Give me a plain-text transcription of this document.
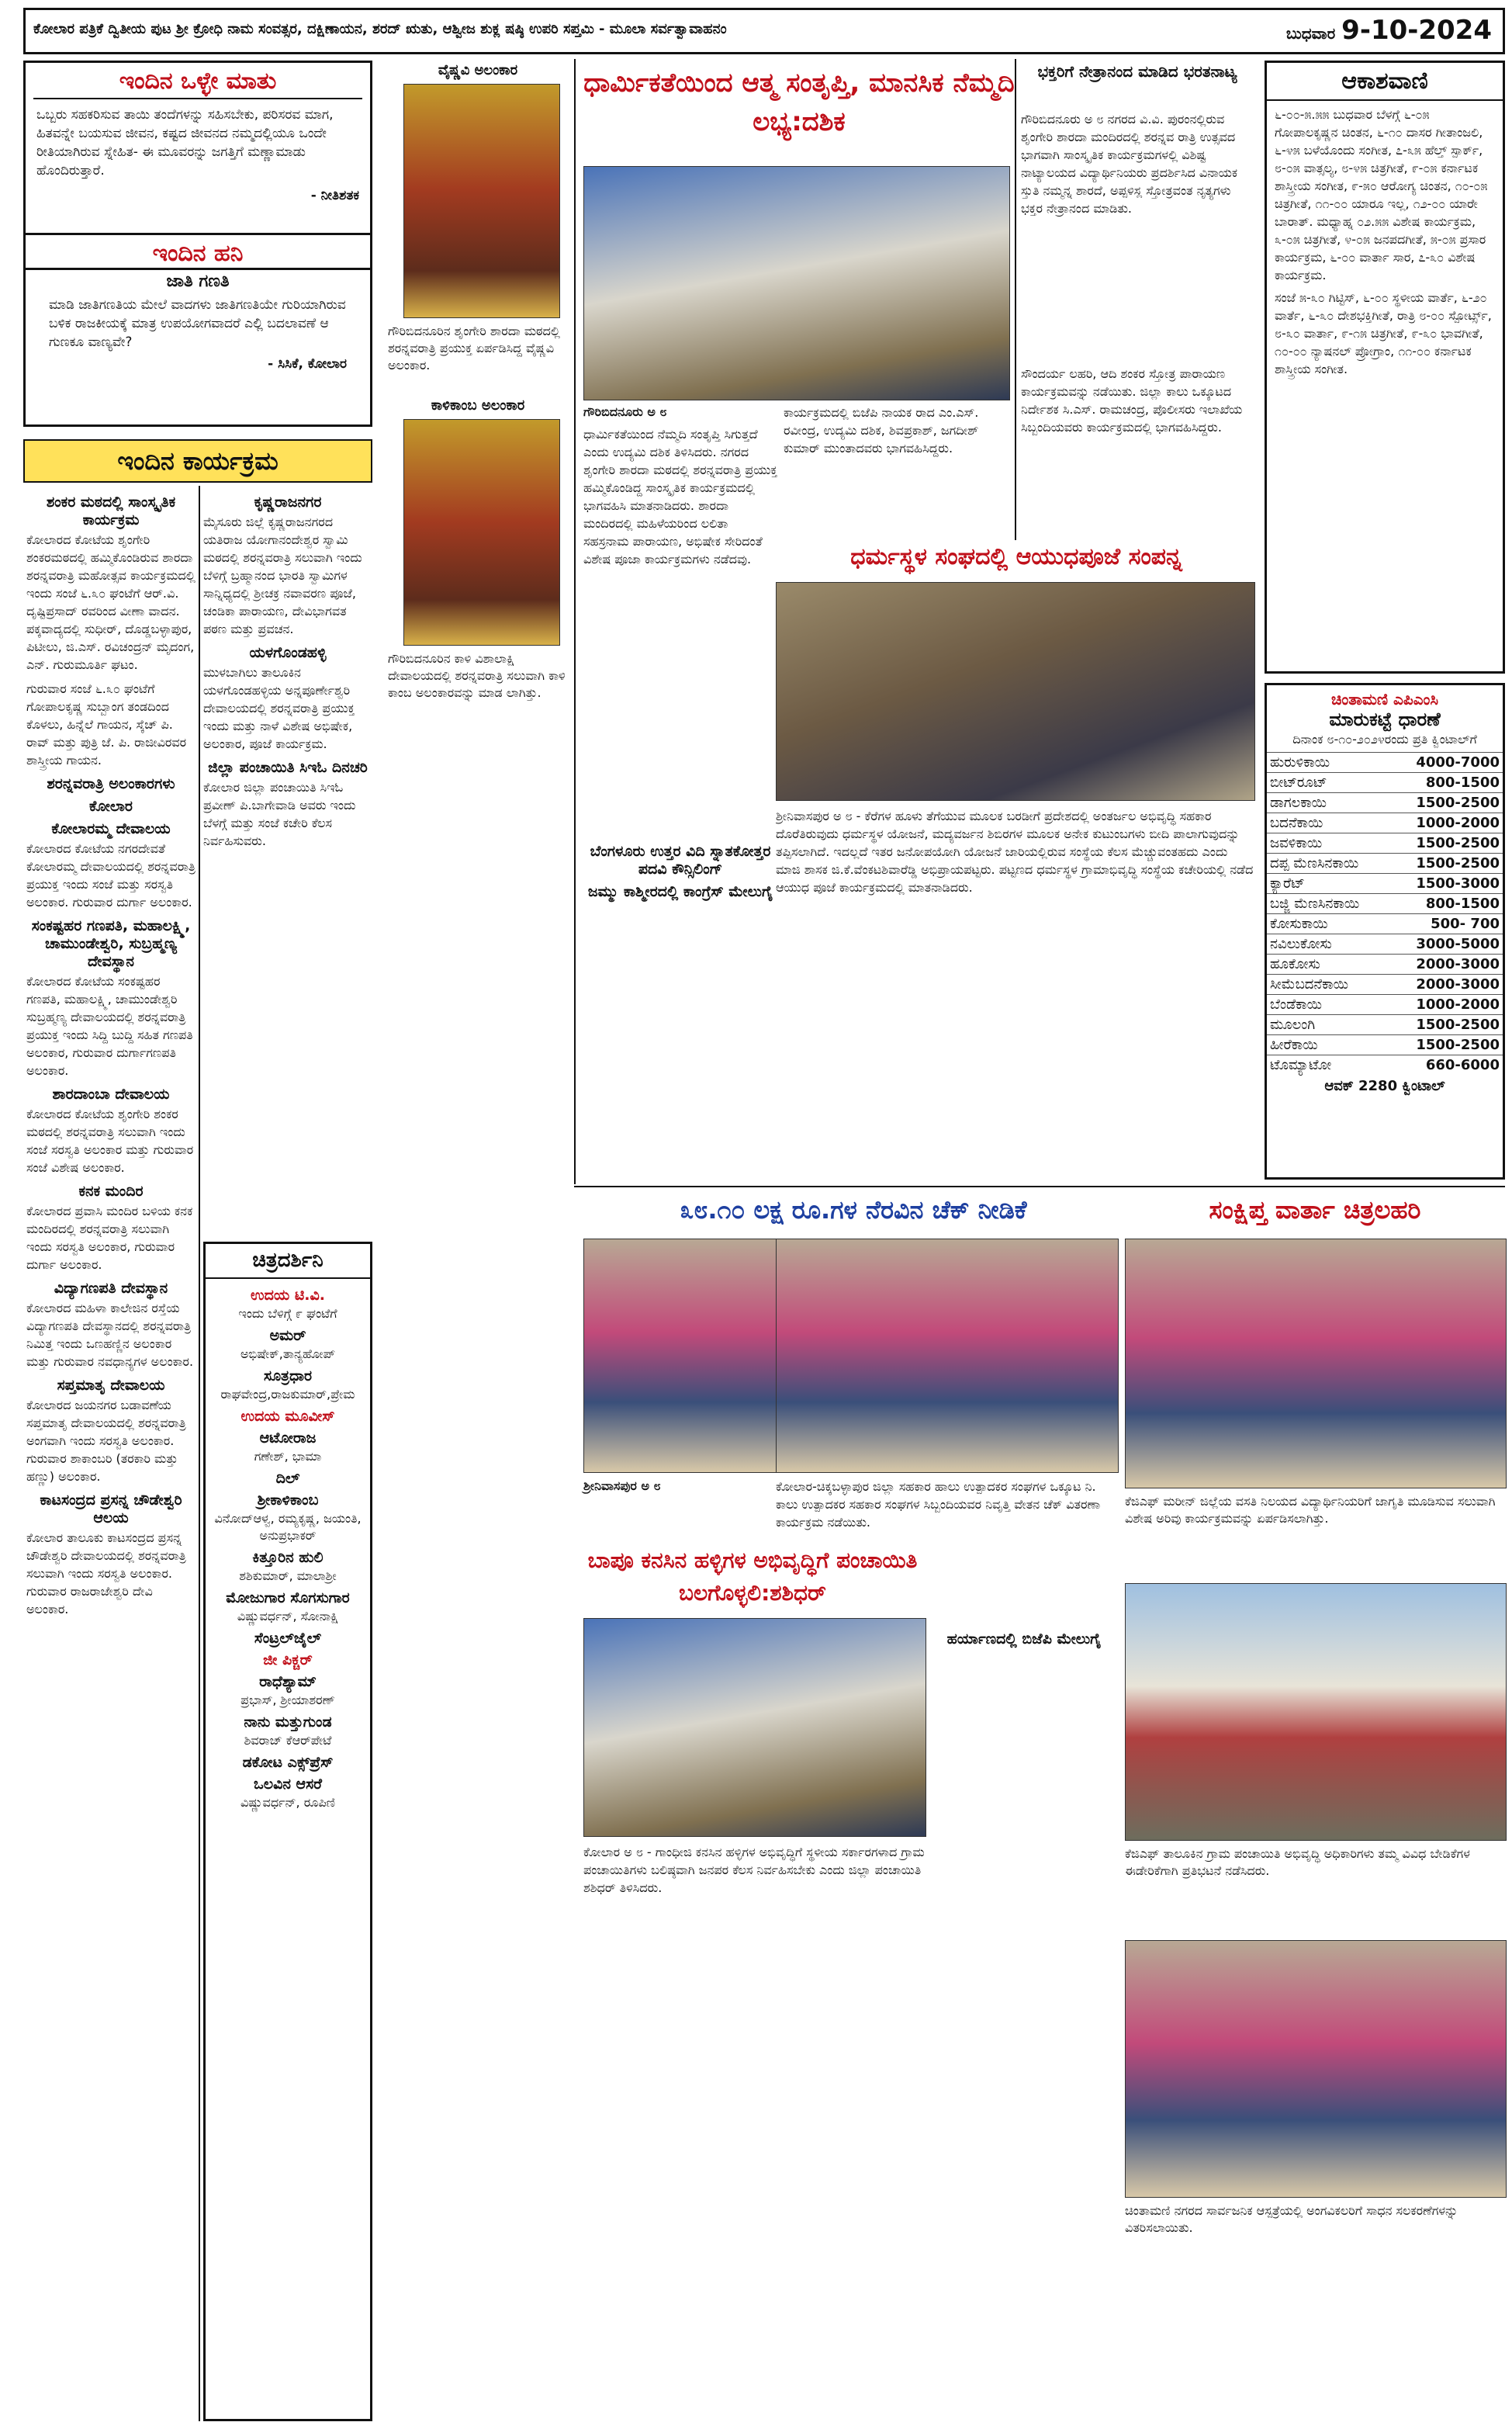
ಕೋಲಾರ ಪತ್ರಿಕೆ ದ್ವಿತೀಯ ಪುಟ ಶ್ರೀ ಕ್ರೋಧಿ ನಾಮ ಸಂವತ್ಸರ, ದಕ್ಷಿಣಾಯನ, ಶರದ್ ಋತು, ಆಶ್ವೀಜ ಶುಕ್ಲ ಷಷ್ಠಿ ಉಪರಿ ಸಪ್ತಮಿ - ಮೂಲಾ ಸರ್ವತ್ವಾವಾಹನಂ	ಬುಧವಾರ 9-10-2024
ಇಂದಿನ ಒಳ್ಳೇ ಮಾತು
ಒಬ್ಬರು ಸಹಕರಿಸುವ ತಾಯಿ ತಂದೆಗಳನ್ನು ಸಹಿಸಬೇಕು, ಪರಿಸರವ ಮಾಗ, ಹಿತವನ್ನೇ ಬಯಸುವ ಜೀವನ, ಕಷ್ಟದ ಜೀವನದ ನಮ್ಮದಲ್ಲಿಯೂ ಒಂದೇ ರೀತಿಯಾಗಿರುವ ಸ್ನೇಹಿತ- ಈ ಮೂವರನ್ನು ಜಗತ್ತಿಗೆ ಮಣ್ಣಾಮಾಡು ಹೊಂದಿರುತ್ತಾರೆ.
- ನೀತಿಶತಕ
ಇಂದಿನ ಹನಿ
ಜಾತಿ ಗಣತಿ
ಮಾಡಿ ಜಾತಿಗಣತಿಯ ಮೇಲೆ ವಾದಗಳು ಜಾತಿಗಣತಿಯೇ ಗುರಿಯಾಗಿರುವ ಬಳಿಕ ರಾಜಕೀಯಕ್ಕೆ ಮಾತ್ರ ಉಪಯೋಗವಾದರೆ ಎಲ್ಲಿ ಬದಲಾವಣೆ ಆ ಗುಣಕೂ ವಾಣ್ಯವೇ?
- ಸಿಸಿಕೆ, ಕೋಲಾರ
ಇಂದಿನ ಕಾರ್ಯಕ್ರಮ
ಶಂಕರ ಮಠದಲ್ಲಿ ಸಾಂಸ್ಕೃತಿಕ ಕಾರ್ಯಕ್ರಮ

ಕೋಲಾರದ ಕೋಟೆಯ ಶೃಂಗೇರಿ ಶಂಕರಮಠದಲ್ಲಿ ಹಮ್ಮಿಕೊಂಡಿರುವ ಶಾರದಾ ಶರನ್ನವರಾತ್ರಿ ಮಹೋತ್ಸವ ಕಾರ್ಯಕ್ರಮದಲ್ಲಿ ಇಂದು ಸಂಜೆ ೬.೩೦ ಘಂಟೆಗೆ ಆರ್.ವಿ. ದೃಷ್ಟಿಪ್ರಸಾದ್ ರವರಿಂದ ವೀಣಾ ವಾದನ. ಪಕ್ಕವಾದ್ಯದಲ್ಲಿ ಸುಧೀರ್, ದೊಡ್ಡಬಳ್ಳಾಪುರ, ಪಿಟೀಲು, ಜಿ.ಎಸ್. ರವಿಚಂದ್ರನ್ ಮೃದಂಗ, ಎನ್. ಗುರುಮೂರ್ತಿ ಘಟಂ.

ಗುರುವಾರ ಸಂಜೆ ೬.೩೦ ಘಂಟೆಗೆ ಗೋಪಾಲಕೃಷ್ಣ ಸುಬ್ಬಾಂಗ ತಂಡದಿಂದ ಕೊಳಲು, ಹಿನ್ನೆಲೆ ಗಾಯನ, ಸ್ಕೆಚ್ ಪಿ. ರಾವ್ ಮತ್ತು ಪುತ್ರಿ ಜೆ. ಪಿ. ರಾಜೀವಿರವರ ಶಾಸ್ತ್ರೀಯ ಗಾಯನ.

ಶರನ್ನವರಾತ್ರಿ ಅಲಂಕಾರಗಳು
ಕೋಲಾರ
ಕೋಲಾರಮ್ಮ ದೇವಾಲಯ

ಕೋಲಾರದ ಕೋಟೆಯ ನಗರದೇವತೆ ಕೋಲಾರಮ್ಮ ದೇವಾಲಯದಲ್ಲಿ ಶರನ್ನವರಾತ್ರಿ ಪ್ರಯುಕ್ತ ಇಂದು ಸಂಜೆ ಮತ್ತು ಸರಸ್ವತಿ ಅಲಂಕಾರ. ಗುರುವಾರ ದುರ್ಗಾ ಅಲಂಕಾರ.

ಸಂಕಷ್ಟಹರ ಗಣಪತಿ, ಮಹಾಲಕ್ಷ್ಮಿ, ಚಾಮುಂಡೇಶ್ವರಿ, ಸುಬ್ರಹ್ಮಣ್ಯ ದೇವಸ್ಥಾನ

ಕೋಲಾರದ ಕೋಟೆಯ ಸಂಕಷ್ಟಹರ ಗಣಪತಿ, ಮಹಾಲಕ್ಷ್ಮಿ, ಚಾಮುಂಡೇಶ್ವರಿ ಸುಬ್ರಹ್ಮಣ್ಯ ದೇವಾಲಯದಲ್ಲಿ ಶರನ್ನವರಾತ್ರಿ ಪ್ರಯುಕ್ತ ಇಂದು ಸಿದ್ದಿ ಬುದ್ದಿ ಸಹಿತ ಗಣಪತಿ ಅಲಂಕಾರ, ಗುರುವಾರ ದುರ್ಗಾಗಣಪತಿ ಅಲಂಕಾರ.

ಶಾರದಾಂಬಾ ದೇವಾಲಯ

ಕೋಲಾರದ ಕೋಟೆಯ ಶೃಂಗೇರಿ ಶಂಕರ ಮಠದಲ್ಲಿ ಶರನ್ನವರಾತ್ರಿ ಸಲುವಾಗಿ ಇಂದು ಸಂಜೆ ಸರಸ್ವತಿ ಅಲಂಕಾರ ಮತ್ತು ಗುರುವಾರ ಸಂಜೆ ವಿಶೇಷ ಅಲಂಕಾರ.

ಕನಕ ಮಂದಿರ

ಕೋಲಾರದ ಪ್ರವಾಸಿ ಮಂದಿರ ಬಳಿಯ ಕನಕ ಮಂದಿರದಲ್ಲಿ ಶರನ್ನವರಾತ್ರಿ ಸಲುವಾಗಿ ಇಂದು ಸರಸ್ವತಿ ಅಲಂಕಾರ, ಗುರುವಾರ ದುರ್ಗಾ ಅಲಂಕಾರ.

ವಿದ್ಯಾಗಣಪತಿ ದೇವಸ್ಥಾನ

ಕೋಲಾರದ ಮಹಿಳಾ ಕಾಲೇಜಿನ ರಸ್ತೆಯ ವಿದ್ಯಾಗಣಪತಿ ದೇವಸ್ಥಾನದಲ್ಲಿ ಶರನ್ನವರಾತ್ರಿ ನಿಮಿತ್ತ ಇಂದು ಒಣಹಣ್ಣಿನ ಅಲಂಕಾರ ಮತ್ತು ಗುರುವಾರ ನವಧಾನ್ಯಗಳ ಅಲಂಕಾರ.

ಸಪ್ತಮಾತೃ ದೇವಾಲಯ

ಕೋಲಾರದ ಜಯನಗರ ಬಡಾವಣೆಯ ಸಪ್ತಮಾತೃ ದೇವಾಲಯದಲ್ಲಿ ಶರನ್ನವರಾತ್ರಿ ಅಂಗವಾಗಿ ಇಂದು ಸರಸ್ವತಿ ಅಲಂಕಾರ. ಗುರುವಾರ ಶಾಕಾಂಬರಿ (ತರಕಾರಿ ಮತ್ತು ಹಣ್ಣು) ಅಲಂಕಾರ.

ಕಾಟಸಂದ್ರದ ಪ್ರಸನ್ನ ಚೌಡೇಶ್ವರಿ ಆಲಯ

ಕೋಲಾರ ತಾಲೂಕು ಕಾಟಸಂದ್ರದ ಪ್ರಸನ್ನ ಚೌಡೇಶ್ವರಿ ದೇವಾಲಯದಲ್ಲಿ ಶರನ್ನವರಾತ್ರಿ ಸಲುವಾಗಿ ಇಂದು ಸರಸ್ವತಿ ಅಲಂಕಾರ. ಗುರುವಾರ ರಾಜರಾಜೇಶ್ವರಿ ದೇವಿ ಅಲಂಕಾರ.

ಕೃಷ್ಣರಾಜನಗರ

ಮೈಸೂರು ಜಿಲ್ಲೆ ಕೃಷ್ಣರಾಜನಗರದ ಯತಿರಾಜ ಯೋಗಾನಂದೇಶ್ವರ ಸ್ವಾಮಿ ಮಠದಲ್ಲಿ ಶರನ್ನವರಾತ್ರಿ ಸಲುವಾಗಿ ಇಂದು ಬೆಳಿಗ್ಗೆ ಬ್ರಹ್ಮಾನಂದ ಭಾರತಿ ಸ್ವಾಮಿಗಳ ಸಾನ್ನಿಧ್ಯದಲ್ಲಿ ಶ್ರೀಚಕ್ರ ನವಾವರಣ ಪೂಜೆ, ಚಂಡಿಕಾ ಪಾರಾಯಣ, ದೇವಿಭಾಗವತ ಪಠಣ ಮತ್ತು ಪ್ರವಚನ.

ಯಳಗೊಂಡಹಳ್ಳಿ

ಮುಳಬಾಗಿಲು ತಾಲೂಕಿನ ಯಳಗೊಂಡಹಳ್ಳಿಯ ಅನ್ನಪೂರ್ಣೇಶ್ವರಿ ದೇವಾಲಯದಲ್ಲಿ ಶರನ್ನವರಾತ್ರಿ ಪ್ರಯುಕ್ತ ಇಂದು ಮತ್ತು ನಾಳೆ ವಿಶೇಷ ಅಭಿಷೇಕ, ಅಲಂಕಾರ, ಪೂಜೆ ಕಾರ್ಯಕ್ರಮ.

ಜಿಲ್ಲಾ ಪಂಚಾಯಿತಿ ಸಿಇಓ ದಿನಚರಿ

ಕೋಲಾರ ಜಿಲ್ಲಾ ಪಂಚಾಯಿತಿ ಸಿಇಓ ಪ್ರವೀಣ್ ಪಿ.ಬಾಗೇವಾಡಿ ಅವರು ಇಂದು ಬೆಳಗ್ಗೆ ಮತ್ತು ಸಂಜೆ ಕಚೇರಿ ಕೆಲಸ ನಿರ್ವಹಿಸುವರು.

ಚಿತ್ರದರ್ಶಿನಿ
ಉದಯ ಟಿ.ವಿ.
ಇಂದು ಬೆಳಿಗ್ಗೆ ೯ ಘಂಟೆಗೆ
ಅಮರ್
ಅಭಿಷೇಕ್,ತಾನ್ಯಹೋಪ್
ಸೂತ್ರಧಾರ
ರಾಘವೇಂದ್ರ,ರಾಜಕುಮಾರ್,ಪ್ರೇಮ
ಉದಯ ಮೂವೀಸ್
ಆಟೋರಾಜ
ಗಣೇಶ್, ಭಾಮಾ
ದಿಲ್
ಶ್ರೀಕಾಳಿಕಾಂಬ
ವಿನೋದ್‌ಆಳ್ವ, ರಮ್ಯಕೃಷ್ಣ, ಜಯಂತಿ, ಅನುಪ್ರಭಾಕರ್
ಕಿತ್ತೂರಿನ ಹುಲಿ
ಶಶಿಕುಮಾರ್, ಮಾಲಾಶ್ರೀ
ಮೋಜುಗಾರ ಸೊಗಸುಗಾರ
ವಿಷ್ಣುವರ್ಧನ್, ಸೋನಾಕ್ಷಿ
ಸೆಂಟ್ರಲ್‌ಜೈಲ್
ಜೀ ಪಿಕ್ಚರ್
ರಾಧೆಶ್ಯಾಮ್
ಪ್ರಭಾಸ್, ಶ್ರೀಯಾಶರಣ್
ನಾನು ಮತ್ತುಗುಂಡ
ಶಿವರಾಜ್ ಕೆಆರ್‌ಪೇಟೆ
ಡಕೋಟ ಎಕ್ಸ್‌ಪ್ರೆಸ್
ಒಲವಿನ ಆಸರೆ
ವಿಷ್ಣುವರ್ಧನ್, ರೂಪಿಣಿ
ವೈಷ್ಣವಿ ಅಲಂಕಾರ
ಗೌರಿಬಿದನೂರಿನ ಶೃಂಗೇರಿ ಶಾರದಾ ಮಠದಲ್ಲಿ ಶರನ್ನವರಾತ್ರಿ ಪ್ರಯುಕ್ತ ಏರ್ಪಡಿಸಿದ್ದ ವೈಷ್ಣವಿ ಅಲಂಕಾರ.
ಕಾಳಿಕಾಂಬ ಅಲಂಕಾರ
ಗೌರಿಬಿದನೂರಿನ ಕಾಳಿ ವಿಶಾಲಾಕ್ಷಿ ದೇವಾಲಯದಲ್ಲಿ ಶರನ್ನವರಾತ್ರಿ ಸಲುವಾಗಿ ಕಾಳಿ ಕಾಂಬ ಅಲಂಕಾರವನ್ನು ಮಾಡ ಲಾಗಿತ್ತು.
ಧಾರ್ಮಿಕತೆಯಿಂದ ಆತ್ಮ ಸಂತೃಪ್ತಿ, ಮಾನಸಿಕ ನೆಮ್ಮದಿ ಲಭ್ಯ:ದಶಿಕ
ಗೌರಿಬಿದನೂರು ಅ ೮
ಧಾರ್ಮಿಕತೆಯಿಂದ ನೆಮ್ಮದಿ ಸಂತೃಪ್ತಿ ಸಿಗುತ್ತದೆ ಎಂದು ಉದ್ಯಮಿ ದಶಿಕ ತಿಳಿಸಿದರು. ನಗರದ ಶೃಂಗೇರಿ ಶಾರದಾ ಮಠದಲ್ಲಿ ಶರನ್ನವರಾತ್ರಿ ಪ್ರಯುಕ್ತ ಹಮ್ಮಿಕೊಂಡಿದ್ದ ಸಾಂಸ್ಕೃತಿಕ ಕಾರ್ಯಕ್ರಮದಲ್ಲಿ ಭಾಗವಹಿಸಿ ಮಾತನಾಡಿದರು. ಶಾರದಾ ಮಂದಿರದಲ್ಲಿ ಮಹಿಳೆಯರಿಂದ ಲಲಿತಾ ಸಹಸ್ರನಾಮ ಪಾರಾಯಣ, ಅಭಿಷೇಕ ಸೇರಿದಂತೆ ವಿಶೇಷ ಪೂಜಾ ಕಾರ್ಯಕ್ರಮಗಳು ನಡೆದವು.
ಬೆಂಗಳೂರು ಉತ್ತರ ವಿದಿ ಸ್ನಾತಕೋತ್ತರ ಪದವಿ ಕೌನ್ಸಿಲಿಂಗ್
ಜಮ್ಮು ಕಾಶ್ಮೀರದಲ್ಲಿ ಕಾಂಗ್ರೆಸ್ ಮೇಲುಗೈ
ಕಾರ್ಯಕ್ರಮದಲ್ಲಿ ಬಿಜೆಪಿ ನಾಯಕ ರಾದ ಎಂ.ಎಸ್. ರವೀಂದ್ರ, ಉದ್ಯಮಿ ದಶಿಕ, ಶಿವಪ್ರಕಾಶ್, ಜಗದೀಶ್ ಕುಮಾರ್ ಮುಂತಾದವರು ಭಾಗವಹಿಸಿದ್ದರು.
ಭಕ್ತರಿಗೆ ನೇತ್ರಾನಂದ ಮಾಡಿದ ಭರತನಾಟ್ಯ
ಗೌರಿಬಿದನೂರು ಅ ೮ ನಗರದ ವಿ.ವಿ. ಪುರಂನಲ್ಲಿರುವ ಶೃಂಗೇರಿ ಶಾರದಾ ಮಂದಿರದಲ್ಲಿ ಶರನ್ನವ ರಾತ್ರಿ ಉತ್ಸವದ ಭಾಗವಾಗಿ ಸಾಂಸ್ಕೃತಿಕ ಕಾರ್ಯಕ್ರಮಗಳಲ್ಲಿ ವಿಶಿಷ್ಟ ನಾಟ್ಯಾಲಯದ ವಿದ್ಯಾರ್ಥಿನಿಯರು ಪ್ರದರ್ಶಿಸಿದ ವಿನಾಯಕ ಸ್ತುತಿ ನಮ್ಮನ್ನ ಶಾರದೆ, ಅಪ್ಪಳಿಸ್ಲ ಸ್ತೋತ್ರವಂತ ನೃತ್ಯಗಳು ಭಕ್ತರ ನೇತ್ರಾನಂದ ಮಾಡಿತು.
ಸೌಂದರ್ಯ ಲಹರಿ, ಆದಿ ಶಂಕರ ಸ್ತೋತ್ರ ಪಾರಾಯಣ ಕಾರ್ಯಕ್ರಮವನ್ನು ನಡೆಯಿತು. ಜಿಲ್ಲಾ ಕಾಲು ಒಕ್ಕೂಟದ ನಿರ್ದೇಶಕ ಸಿ.ಎಸ್. ರಾಮಚಂದ್ರ, ಪೊಲೀಸರು ಇಲಾಖೆಯ ಸಿಬ್ಬಂದಿಯವರು ಕಾರ್ಯಕ್ರಮದಲ್ಲಿ ಭಾಗವಹಿಸಿದ್ದರು.
ಧರ್ಮಸ್ಥಳ ಸಂಘದಲ್ಲಿ ಆಯುಧಪೂಜೆ ಸಂಪನ್ನ
ಶ್ರೀನಿವಾಸಪುರ ಅ ೮ - ಕೆರೆಗಳ ಹೂಳು ತೆಗೆಯುವ ಮೂಲಕ ಬರಡೀಗೆ ಪ್ರದೇಶದಲ್ಲಿ ಅಂತರ್ಜಲ ಅಭಿವೃದ್ಧಿ ಸಹಕಾರ ದೊರೆತಿರುವುದು ಧರ್ಮಸ್ಥಳ ಯೋಜನೆ, ಮದ್ಯವರ್ಜನ ಶಿಬಿರಗಳ ಮೂಲಕ ಅನೇಕ ಕುಟುಂಬಗಳು ಬೀದಿ ಪಾಲಾಗುವುದನ್ನು ತಪ್ಪಿಸಲಾಗಿದೆ. ಇದಲ್ಲದೆ ಇತರ ಜನೋಪಯೋಗಿ ಯೋಜನೆ ಜಾರಿಯಲ್ಲಿರುವ ಸಂಸ್ಥೆಯ ಕೆಲಸ ಮೆಚ್ಚುವಂತಹದು ಎಂದು ಮಾಜಿ ಶಾಸಕ ಜಿ.ಕೆ.ವೆಂಕಟಶಿವಾರೆಡ್ಡಿ ಅಭಿಪ್ರಾಯಪಟ್ಟರು. ಪಟ್ಟಣದ ಧರ್ಮಸ್ಥಳ ಗ್ರಾಮಾಭಿವೃದ್ಧಿ ಸಂಸ್ಥೆಯ ಕಚೇರಿಯಲ್ಲಿ ನಡೆದ ಆಯುಧ ಪೂಜೆ ಕಾರ್ಯಕ್ರಮದಲ್ಲಿ ಮಾತನಾಡಿದರು.
ಆಕಾಶವಾಣಿ
೬-೦೦-೫.೫೫ ಬುಧವಾರ ಬೆಳಗ್ಗೆ ೬-೦೫ ಗೋಪಾಲಕೃಷ್ಣನ ಚಿಂತನ, ೬-೧೦ ದಾಸರ ಗೀತಾಂಜಲಿ, ೬-೪೫ ಬಳೆಯೊಂದು ಸಂಗೀತ, ೭-೩೫ ಹೆಲ್ತ್ ಸ್ಪಾರ್ಕ್, ೮-೦೫ ವಾತ್ಸಲ್ಯ, ೮-೪೫ ಚಿತ್ರಗೀತೆ, ೯-೦೫ ಕರ್ನಾಟಕ ಶಾಸ್ತ್ರೀಯ ಸಂಗೀತ, ೯-೫೦ ಆರೋಗ್ಯ ಚಿಂತನ, ೧೦-೦೫ ಚಿತ್ರಗೀತೆ, ೧೧-೦೦ ಯಾರೂ ಇಲ್ಲ, ೧೨-೦೦ ಯಾರೇ ಬಾರಾತ್. ಮಧ್ಯಾಹ್ನ ೦೨.೫೫ ವಿಶೇಷ ಕಾರ್ಯಕ್ರಮ, ೩-೦೫ ಚಿತ್ರಗೀತೆ, ೪-೦೫ ಜನಪದಗೀತೆ, ೫-೦೫ ಪ್ರಸಾರ ಕಾರ್ಯಕ್ರಮ, ೬-೦೦ ವಾರ್ತಾ ಸಾರ, ೭-೩೦ ವಿಶೇಷ ಕಾರ್ಯಕ್ರಮ.
ಸಂಜೆ ೫-೩೦ ಗಿಟ್ಟಿಸ್, ೬-೦೦ ಸ್ಥಳೀಯ ವಾರ್ತೆ, ೬-೨೦ ವಾರ್ತೆ, ೬-೩೦ ದೇಶಭಕ್ತಿಗೀತೆ, ರಾತ್ರಿ ೮-೦೦ ಸ್ಪೋರ್ಟ್ಸ್, ೮-೩೦ ವಾರ್ತಾ, ೯-೧೫ ಚಿತ್ರಗೀತೆ, ೯-೩೦ ಭಾವಗೀತೆ, ೧೦-೦೦ ನ್ಯಾಷನಲ್ ಪ್ರೋಗ್ರಾಂ, ೧೧-೦೦ ಕರ್ನಾಟಕ ಶಾಸ್ತ್ರೀಯ ಸಂಗೀತ.
ಚಿಂತಾಮಣಿ ಎಪಿಎಂಸಿ
ಮಾರುಕಟ್ಟೆ ಧಾರಣೆ
ದಿನಾಂಕ ೮-೧೦-೨೦೨೪ರಂದು ಪ್ರತಿ ಕ್ವಿಂಟಾಲ್‌ಗೆ
ಹುರುಳಿಕಾಯಿ	4000-7000
ಬೀಟ್‌ರೂಟ್	800-1500
ಡಾಗಲಕಾಯಿ	1500-2500
ಬದನೆಕಾಯಿ	1000-2000
ಜವಳಿಕಾಯಿ	1500-2500
ದಪ್ಪ ಮೆಣಸಿನಕಾಯಿ	1500-2500
ಕ್ಯಾರೆಟ್	1500-3000
ಬಜ್ಜಿ ಮೆಣಸಿನಕಾಯಿ	800-1500
ಕೋಸುಕಾಯಿ	500- 700
ನವಿಲುಕೋಸು	3000-5000
ಹೂಕೋಸು	2000-3000
ಸೀಮೆಬದನೆಕಾಯಿ	2000-3000
ಬೆಂಡೆಕಾಯಿ	1000-2000
ಮೂಲಂಗಿ	1500-2500
ಹೀರೆಕಾಯಿ	1500-2500
ಟೊಮ್ಯಾಟೋ	660-6000
ಆವಕ್ 2280 ಕ್ವಿಂಟಾಲ್
೩೮.೧೦ ಲಕ್ಷ ರೂ.ಗಳ ನೆರವಿನ ಚೆಕ್ ನೀಡಿಕೆ
ಶ್ರೀನಿವಾಸಪುರ ಅ ೮	ಕೋಲಾರ-ಚಿಕ್ಕಬಳ್ಳಾಪುರ ಜಿಲ್ಲಾ ಸಹಕಾರ ಹಾಲು ಉತ್ಪಾದಕರ ಸಂಘಗಳ ಒಕ್ಕೂಟ ನಿ. ಕಾಲು ಉತ್ಪಾದಕರ ಸಹಕಾರ ಸಂಘಗಳ ಸಿಬ್ಬಂದಿಯವರ ನಿವೃತ್ತಿ ವೇತನ ಚೆಕ್ ವಿತರಣಾ ಕಾರ್ಯಕ್ರಮ ನಡೆಯಿತು.
ಬಾಪೂ ಕನಸಿನ ಹಳ್ಳಿಗಳ ಅಭಿವೃದ್ಧಿಗೆ ಪಂಚಾಯಿತಿ ಬಲಗೊಳ್ಳಲಿ:ಶಶಿಧರ್
ಕೋಲಾರ ಅ ೮ - ಗಾಂಧೀಜಿ ಕನಸಿನ ಹಳ್ಳಿಗಳ ಅಭಿವೃದ್ಧಿಗೆ ಸ್ಥಳೀಯ ಸರ್ಕಾರಗಳಾದ ಗ್ರಾಮ ಪಂಚಾಯಿತಿಗಳು ಬಲಿಷ್ಠವಾಗಿ ಜನಪರ ಕೆಲಸ ನಿರ್ವಹಿಸಬೇಕು ಎಂದು ಜಿಲ್ಲಾ ಪಂಚಾಯಿತಿ ಶಶಿಧರ್ ತಿಳಿಸಿದರು.
ಹರ್ಯಾಣದಲ್ಲಿ ಬಿಜೆಪಿ ಮೇಲುಗೈ
ಸಂಕ್ಷಿಪ್ತ ವಾರ್ತಾ ಚಿತ್ರಲಹರಿ
ಕೆಜಿಎಫ್ ಮರೀನ್ ಜಿಲ್ಲೆಯ ವಸತಿ ನಿಲಯದ ವಿದ್ಯಾರ್ಥಿನಿಯರಿಗೆ ಜಾಗೃತಿ ಮೂಡಿಸುವ ಸಲುವಾಗಿ ವಿಶೇಷ ಅರಿವು ಕಾರ್ಯಕ್ರಮವನ್ನು ಏರ್ಪಡಿಸಲಾಗಿತ್ತು.
ಕೆಜಿಎಫ್ ತಾಲೂಕಿನ ಗ್ರಾಮ ಪಂಚಾಯಿತಿ ಅಭಿವೃದ್ಧಿ ಅಧಿಕಾರಿಗಳು ತಮ್ಮ ವಿವಿಧ ಬೇಡಿಕೆಗಳ ಈಡೇರಿಕೆಗಾಗಿ ಪ್ರತಿಭಟನೆ ನಡೆಸಿದರು.
ಚಿಂತಾಮಣಿ ನಗರದ ಸಾರ್ವಜನಿಕ ಆಸ್ಪತ್ರೆಯಲ್ಲಿ ಅಂಗವಿಕಲರಿಗೆ ಸಾಧನ ಸಲಕರಣೆಗಳನ್ನು ವಿತರಿಸಲಾಯಿತು.
